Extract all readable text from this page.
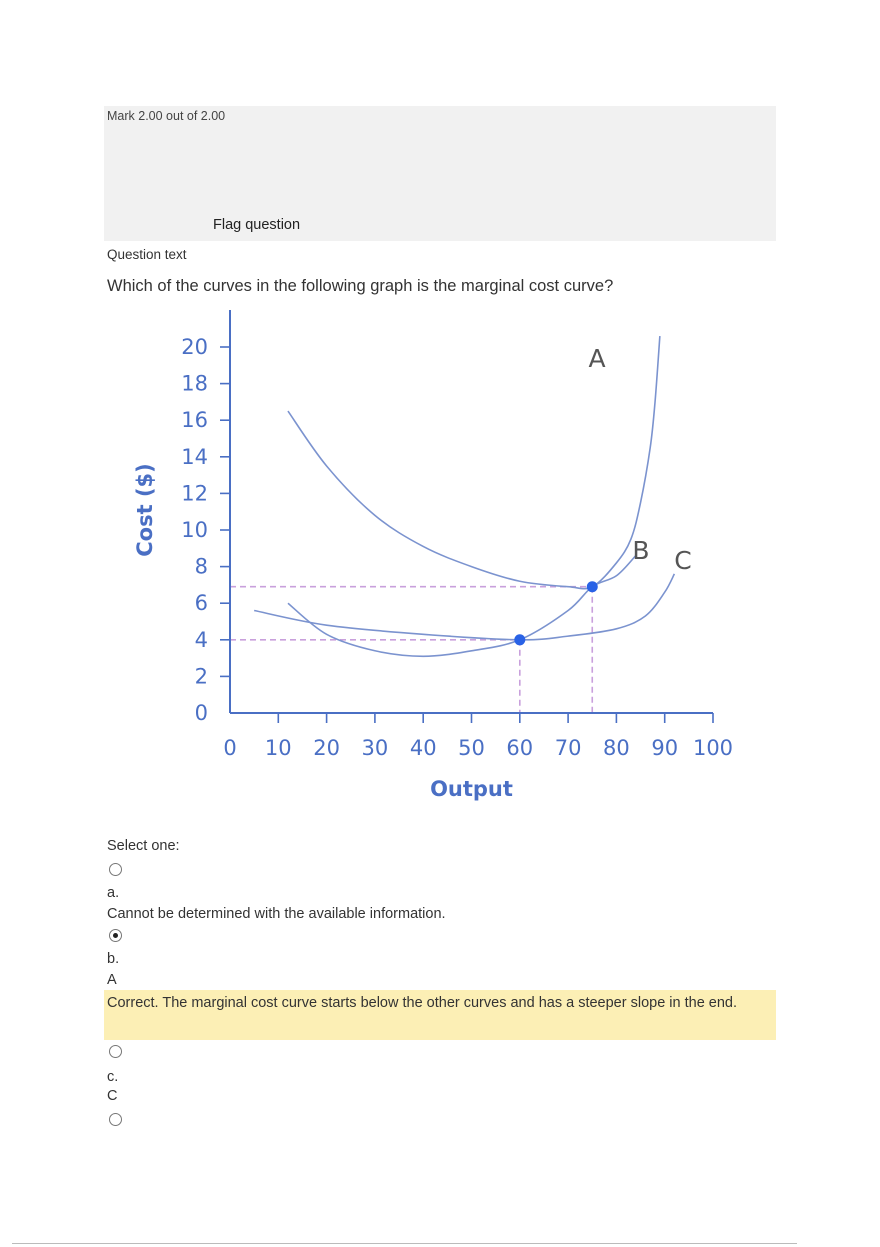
Mark 2.00 out of 2.00
Flag question
Question text
Which of the curves in the following graph is the marginal cost curve?
0 10 20 30 40 50 60 70 80 90 100
0
2
4
6
8
10
12
14
16
18
20
Output
Cost ($)
A
B C
Select one:
a.
Cannot be determined with the available information.
b.
A
Correct. The marginal cost curve starts below the other curves and has a steeper slope in the end.
c.
C
